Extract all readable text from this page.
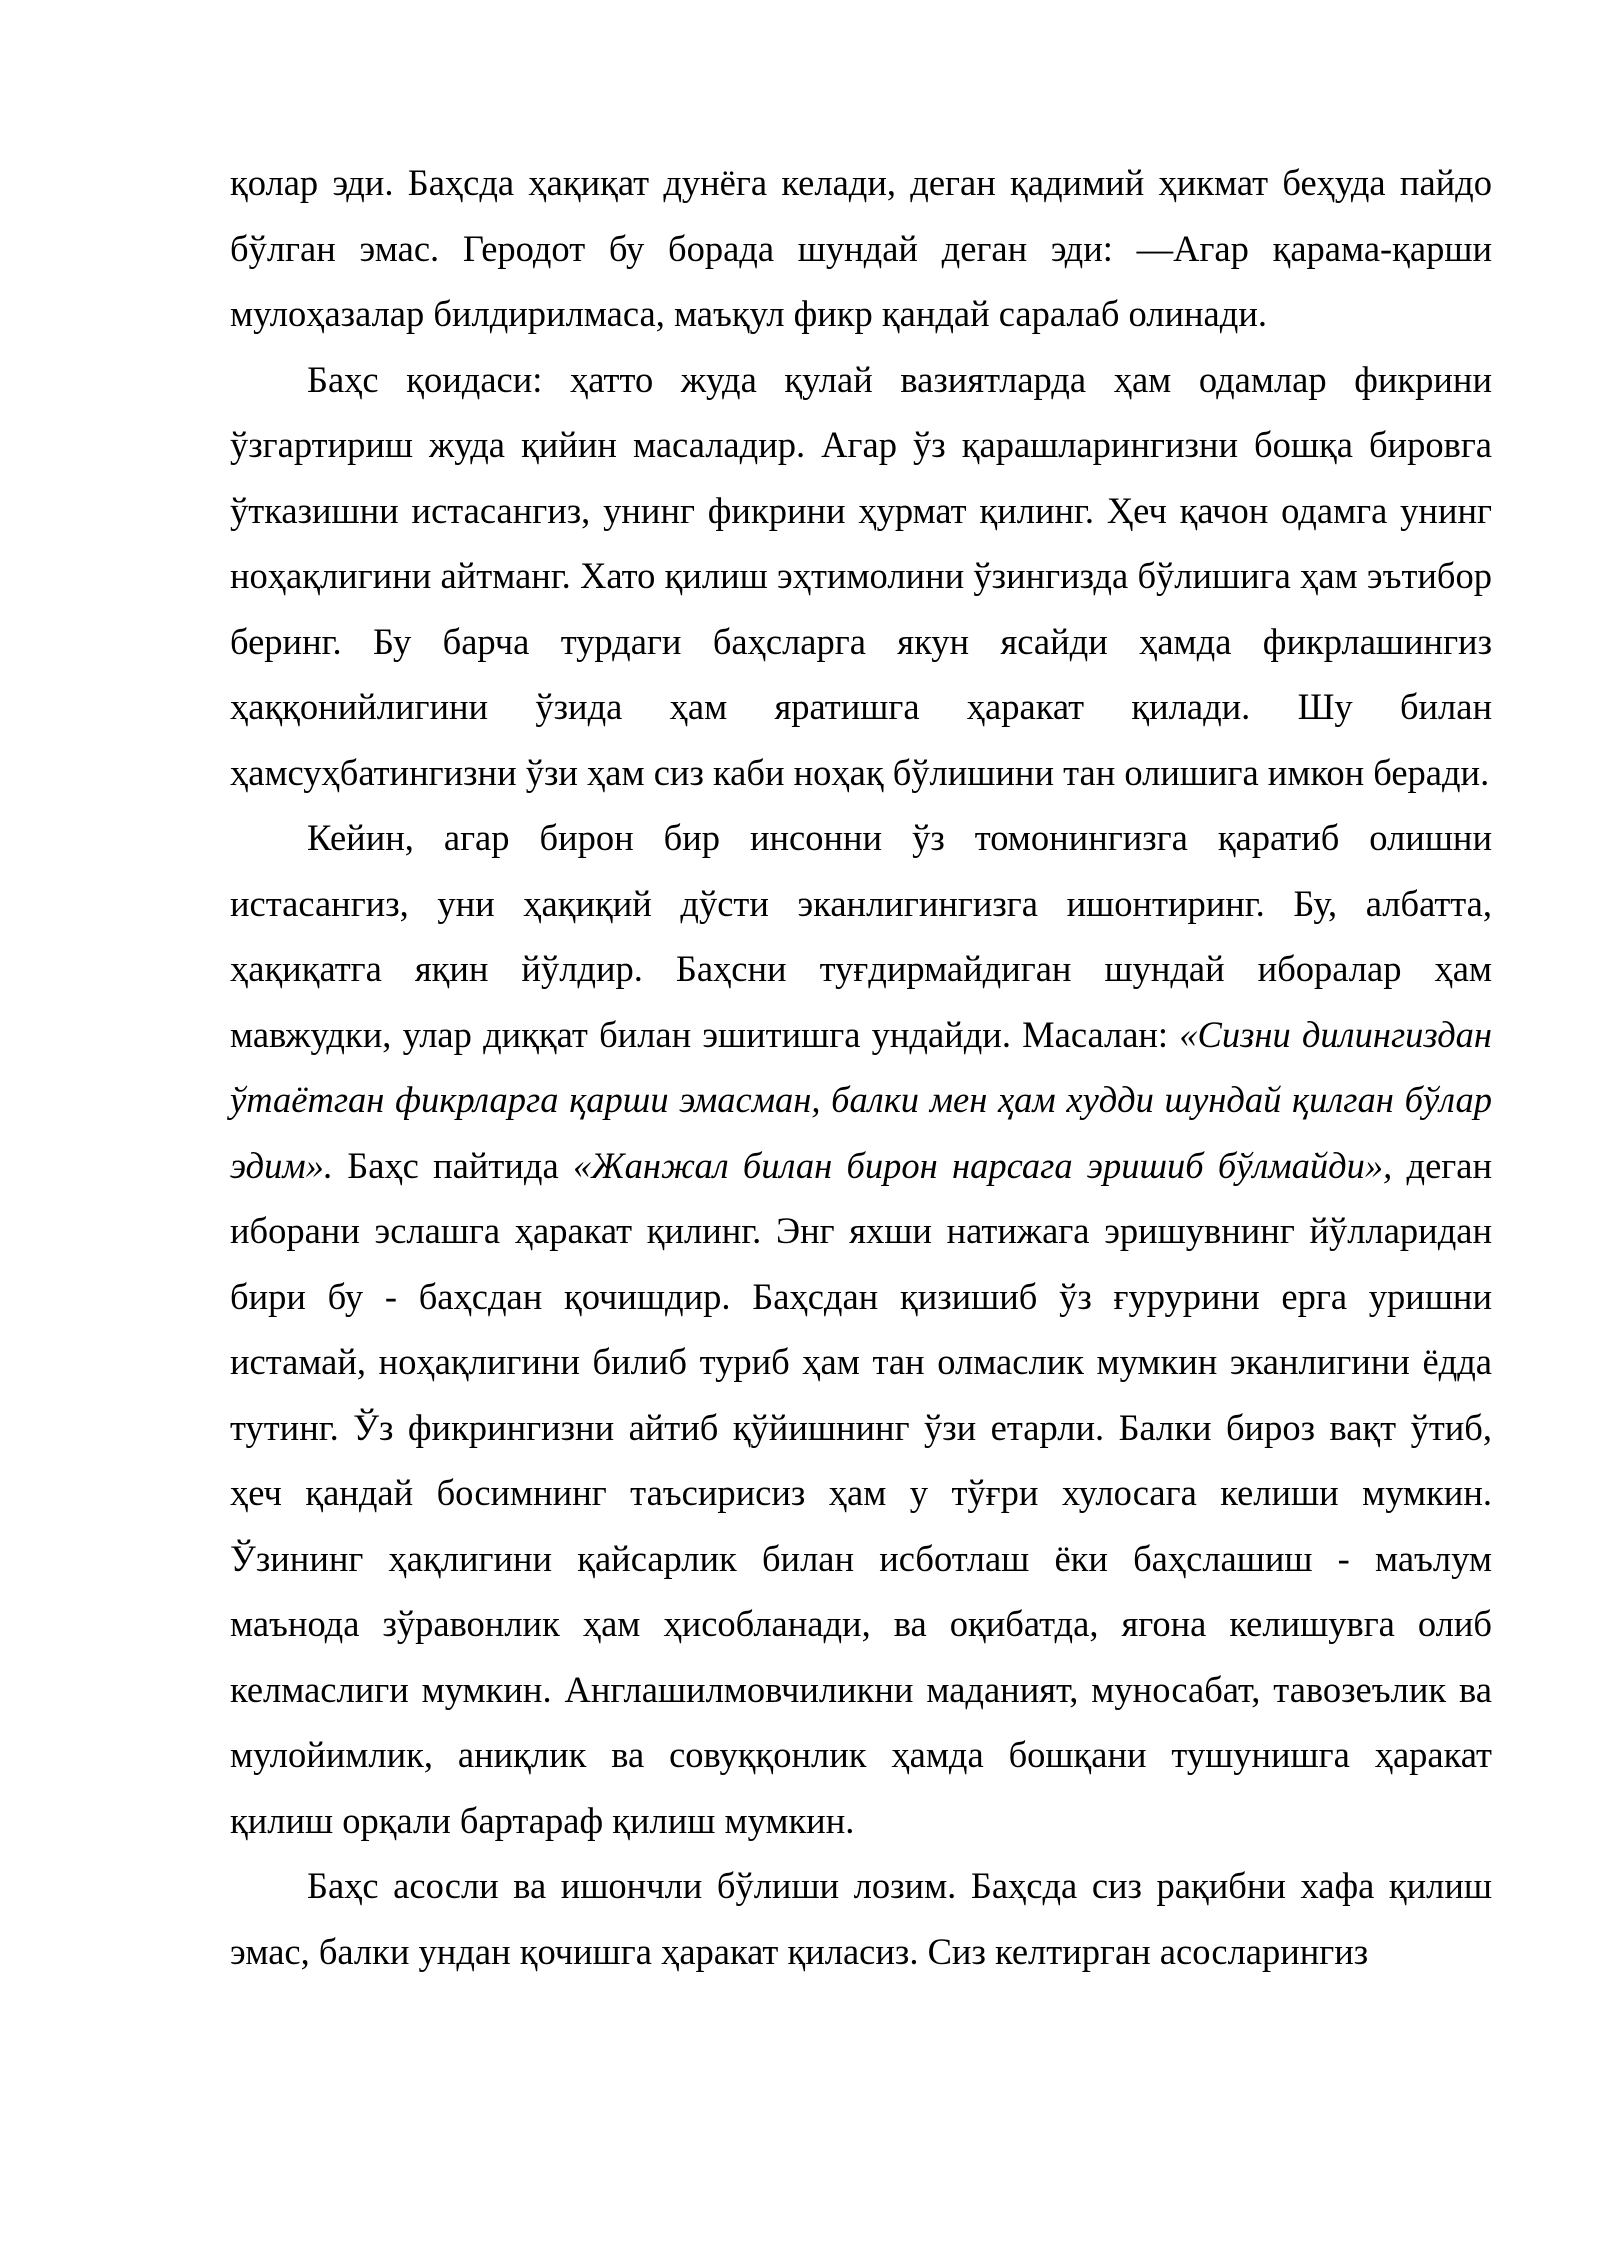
қолар эди. Баҳсда ҳақиқат дунёга келади, деган қадимий ҳикмат беҳуда пайдо бўлган эмас. Геродот бу борада шундай деган эди: ―Агар қарама-қарши мулоҳазалар билдирилмаса, маъқул фикр қандай саралаб олинади.

Баҳс қоидаси: ҳатто жуда қулай вазиятларда ҳам одамлар фикрини ўзгартириш жуда қийин масаладир. Агар ўз қарашларингизни бошқа бировга ўтказишни истасангиз, унинг фикрини ҳурмат қилинг. Ҳеч қачон одамга унинг ноҳақлигини айтманг. Хато қилиш эҳтимолини ўзингизда бўлишига ҳам эътибор беринг. Бу барча турдаги баҳсларга якун ясайди ҳамда фикрлашингиз ҳаққонийлигини ўзида ҳам яратишга ҳаракат қилади. Шу билан ҳамсуҳбатингизни ўзи ҳам сиз каби ноҳақ бўлишини тан олишига имкон беради.

Кейин, агар бирон бир инсонни ўз томонингизга қаратиб олишни истасангиз, уни ҳақиқий дўсти эканлигингизга ишонтиринг. Бу, албатта, ҳақиқатга яқин йўлдир. Баҳсни туғдирмайдиган шундай иборалар ҳам мавжудки, улар диққат билан эшитишга ундайди. Масалан: «Сизни дилингиздан ўтаётган фикрларга қарши эмасман, балки мен ҳам худди шундай қилган бўлар эдим». Баҳс пайтида «Жанжал билан бирон нарсага эришиб бўлмайди», деган иборани эслашга ҳаракат қилинг. Энг яхши натижага эришувнинг йўлларидан бири бу - баҳсдан қочишдир. Баҳсдан қизишиб ўз ғурурини ерга уришни истамай, ноҳақлигини билиб туриб ҳам тан олмаслик мумкин эканлигини ёдда тутинг. Ўз фикрингизни айтиб қўйишнинг ўзи етарли. Балки бироз вақт ўтиб, ҳеч қандай босимнинг таъсирисиз ҳам у тўғри хулосага келиши мумкин. Ўзининг ҳақлигини қайсарлик билан исботлаш ёки баҳслашиш - маълум маънода зўравонлик ҳам ҳисобланади, ва оқибатда, ягона келишувга олиб келмаслиги мумкин. Англашилмовчиликни маданият, муносабат, тавозеълик ва мулойимлик, аниқлик ва совуққонлик ҳамда бошқани тушунишга ҳаракат қилиш орқали бартараф қилиш мумкин.

Баҳс асосли ва ишончли бўлиши лозим. Баҳсда сиз рақибни хафа қилиш эмас, балки ундан қочишга ҳаракат қиласиз. Сиз келтирган асосларингиз
